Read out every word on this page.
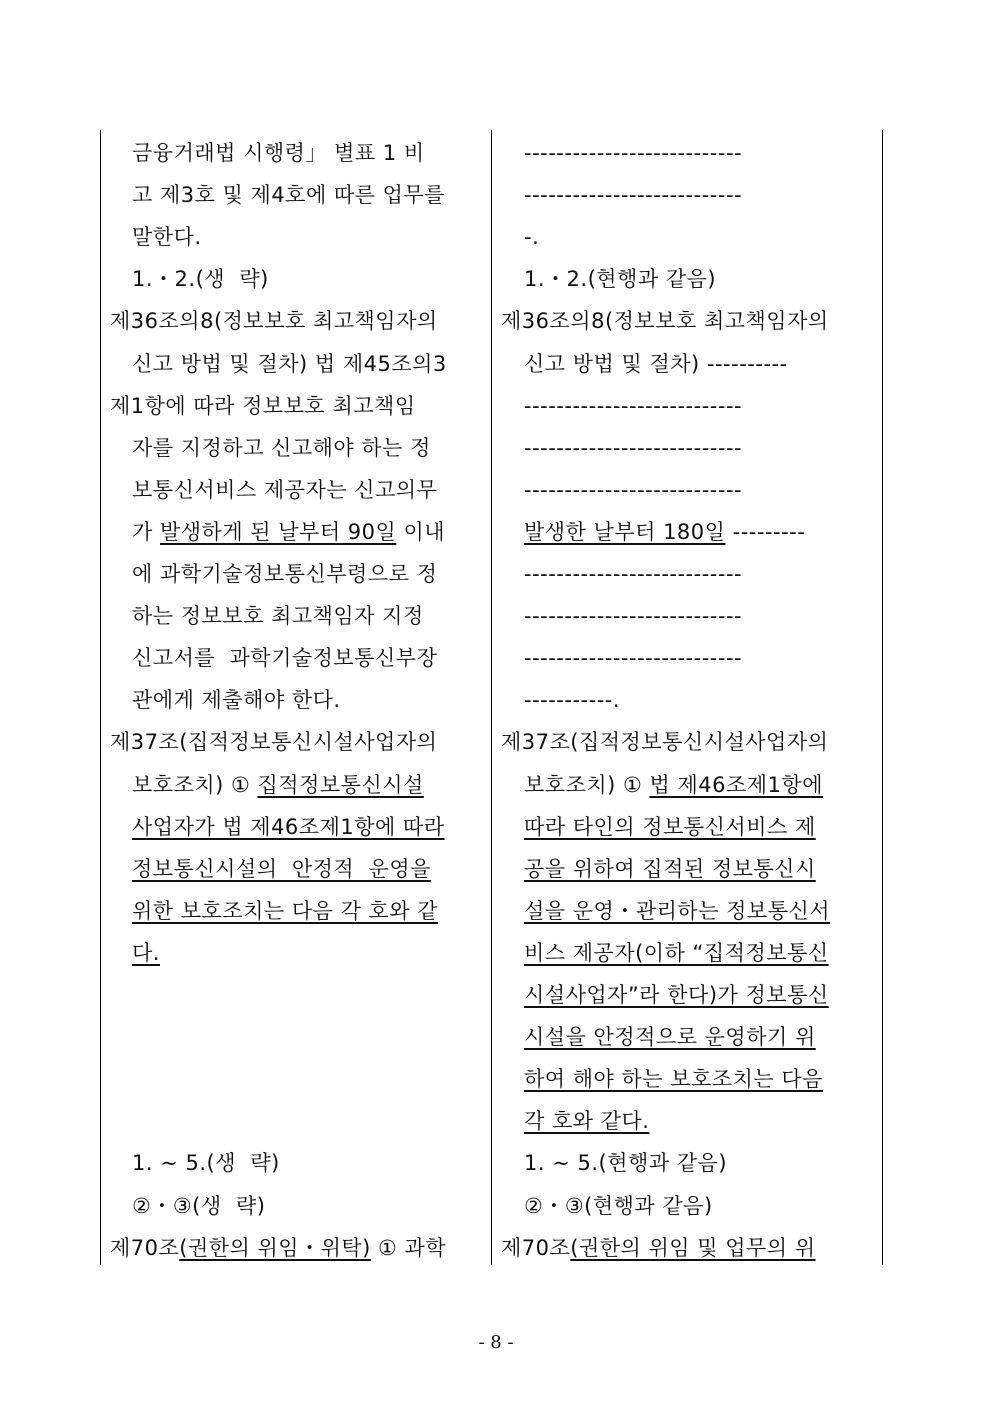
금융거래법 시행령」 별표 1 비
고 제3호 및 제4호에 따른 업무를
말한다.
1.・2.(생  략)
제36조의8(정보보호 최고책임자의
신고 방법 및 절차) 법 제45조의3
제1항에 따라 정보보호 최고책임
자를 지정하고 신고해야 하는 정
보통신서비스 제공자는 신고의무
가 발생하게 된 날부터 90일 이내
에 과학기술정보통신부령으로 정
하는 정보보호 최고책임자 지정
신고서를  과학기술정보통신부장
관에게 제출해야 한다.
제37조(집적정보통신시설사업자의
보호조치) ① 집적정보통신시설
사업자가 법 제46조제1항에 따라
정보통신시설의  안정적  운영을
위한 보호조치는 다음 각 호와 같
다.
1. ~ 5.(생  략)
②・③(생  략)
제70조(권한의 위임・위탁) ① 과학
---------------------------
---------------------------
-.
1.・2.(현행과 같음)
제36조의8(정보보호 최고책임자의
신고 방법 및 절차) ----------
---------------------------
---------------------------
---------------------------
발생한 날부터 180일 ---------
---------------------------
---------------------------
---------------------------
-----------.
제37조(집적정보통신시설사업자의
보호조치) ① 법 제46조제1항에
따라 타인의 정보통신서비스 제
공을 위하여 집적된 정보통신시
설을 운영・관리하는 정보통신서
비스 제공자(이하 “집적정보통신
시설사업자”라 한다)가 정보통신
시설을 안정적으로 운영하기 위
하여 해야 하는 보호조치는 다음
각 호와 같다.
1. ~ 5.(현행과 같음)
②・③(현행과 같음)
제70조(권한의 위임 및 업무의 위
- 8 -
